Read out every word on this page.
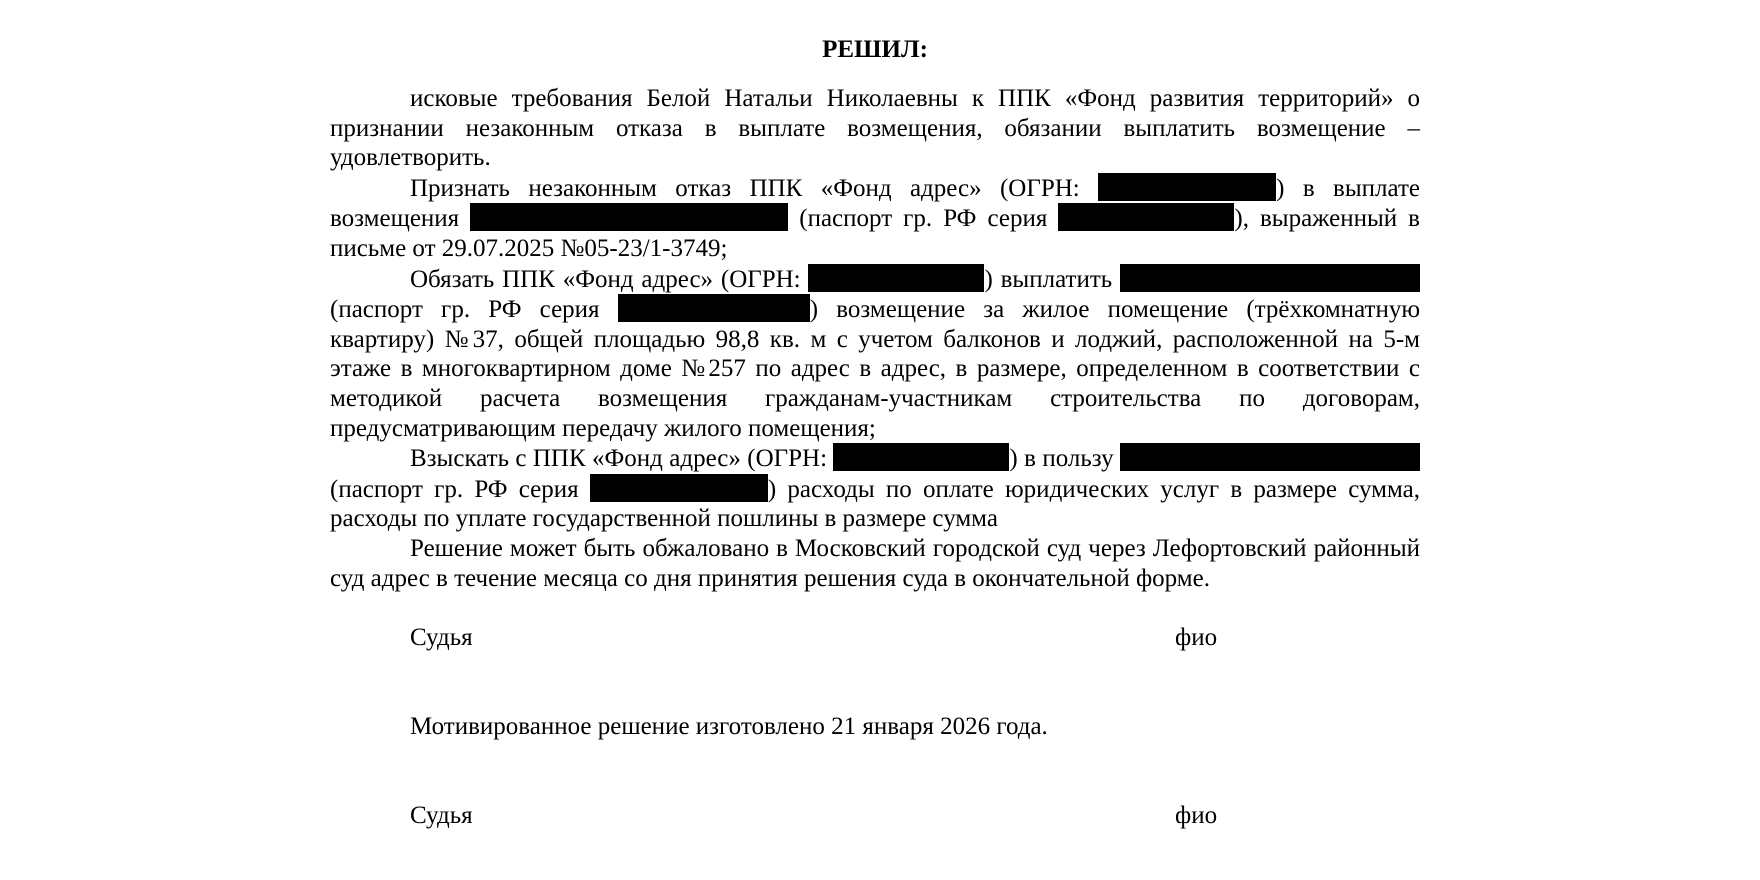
РЕШИЛ:

исковые требования Белой Натальи Николаевны к ППК «Фонд развития территорий» о признании незаконным отказа в выплате возмещения, обязании выплатить возмещение – удовлетворить.

Признать незаконным отказ ППК «Фонд адрес» (ОГРН:	) в выплате возмещения	(паспорт гр. РФ серия	), выраженный в письме от 29.07.2025 №05-23/1-3749;

Обязать ППК «Фонд адрес» (ОГРН:	) выплатить  (паспорт гр. РФ серия	) возмещение за жилое помещение (трёхкомнатную квартиру) №37, общей площадью 98,8 кв. м с учетом балконов и лоджий, расположенной на 5-м этаже в многоквартирном доме №257 по адрес в адрес, в размере, определенном в соответствии с методикой расчета возмещения гражданам-участникам строительства по договорам, предусматривающим передачу жилого помещения;

Взыскать с ППК «Фонд адрес» (ОГРН:	) в пользу  (паспорт гр. РФ серия	) расходы по оплате юридических услуг в размере сумма, расходы по уплате государственной пошлины в размере сумма

Решение может быть обжаловано в Московский городской суд через Лефортовский районный суд адрес в течение месяца со дня принятия решения суда в окончательной форме.

Судья	фио

Мотивированное решение изготовлено 21 января 2026 года.

Судья	фио
